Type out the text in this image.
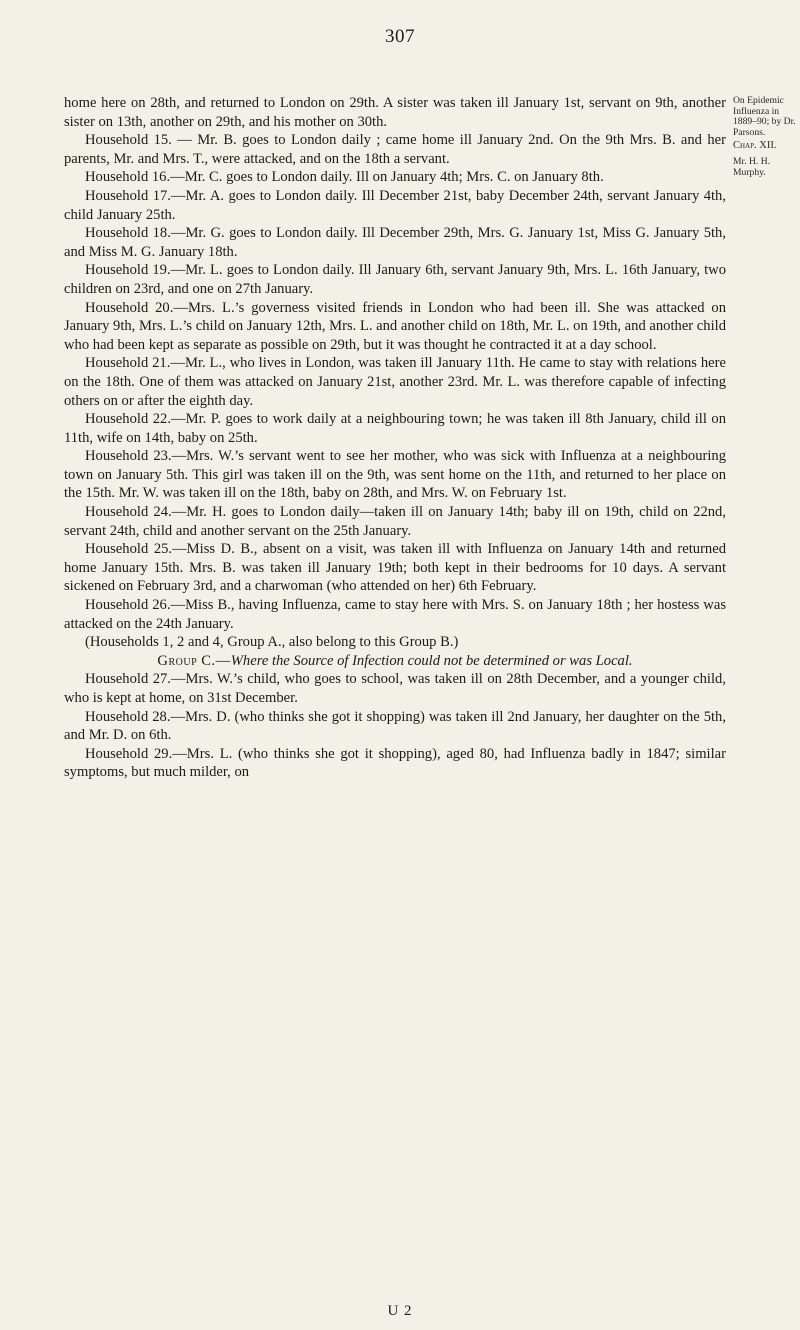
307
On Epidemic Influenza in 1889–90; by Dr. Parsons.
Chap. XII.
Mr. H. H. Murphy.

home here on 28th, and returned to London on 29th. A sister was taken ill January 1st, servant on 9th, another sister on 13th, another on 29th, and his mother on 30th.

Household 15. — Mr. B. goes to London daily ; came home ill January 2nd. On the 9th Mrs. B. and her parents, Mr. and Mrs. T., were attacked, and on the 18th a servant.

Household 16.—Mr. C. goes to London daily. Ill on January 4th; Mrs. C. on January 8th.

Household 17.—Mr. A. goes to London daily. Ill December 21st, baby December 24th, servant January 4th, child January 25th.

Household 18.—Mr. G. goes to London daily. Ill December 29th, Mrs. G. January 1st, Miss G. January 5th, and Miss M. G. January 18th.

Household 19.—Mr. L. goes to London daily. Ill January 6th, servant January 9th, Mrs. L. 16th January, two children on 23rd, and one on 27th January.

Household 20.—Mrs. L.’s governess visited friends in London who had been ill. She was attacked on January 9th, Mrs. L.’s child on January 12th, Mrs. L. and another child on 18th, Mr. L. on 19th, and another child who had been kept as separate as possible on 29th, but it was thought he contracted it at a day school.

Household 21.—Mr. L., who lives in London, was taken ill January 11th. He came to stay with relations here on the 18th. One of them was attacked on January 21st, another 23rd. Mr. L. was therefore capable of infecting others on or after the eighth day.

Household 22.—Mr. P. goes to work daily at a neighbouring town; he was taken ill 8th January, child ill on 11th, wife on 14th, baby on 25th.

Household 23.—Mrs. W.’s servant went to see her mother, who was sick with Influenza at a neighbouring town on January 5th. This girl was taken ill on the 9th, was sent home on the 11th, and returned to her place on the 15th. Mr. W. was taken ill on the 18th, baby on 28th, and Mrs. W. on February 1st.

Household 24.—Mr. H. goes to London daily—taken ill on January 14th; baby ill on 19th, child on 22nd, servant 24th, child and another servant on the 25th January.

Household 25.—Miss D. B., absent on a visit, was taken ill with Influenza on January 14th and returned home January 15th. Mrs. B. was taken ill January 19th; both kept in their bedrooms for 10 days. A servant sickened on February 3rd, and a charwoman (who attended on her) 6th February.

Household 26.—Miss B., having Influenza, came to stay here with Mrs. S. on January 18th ; her hostess was attacked on the 24th January.

(Households 1, 2 and 4, Group A., also belong to this Group B.)

Group C.—Where the Source of Infection could not be determined or was Local.

Household 27.—Mrs. W.’s child, who goes to school, was taken ill on 28th December, and a younger child, who is kept at home, on 31st December.

Household 28.—Mrs. D. (who thinks she got it shopping) was taken ill 2nd January, her daughter on the 5th, and Mr. D. on 6th.

Household 29.—Mrs. L. (who thinks she got it shopping), aged 80, had Influenza badly in 1847; similar symptoms, but much milder, on

U 2
